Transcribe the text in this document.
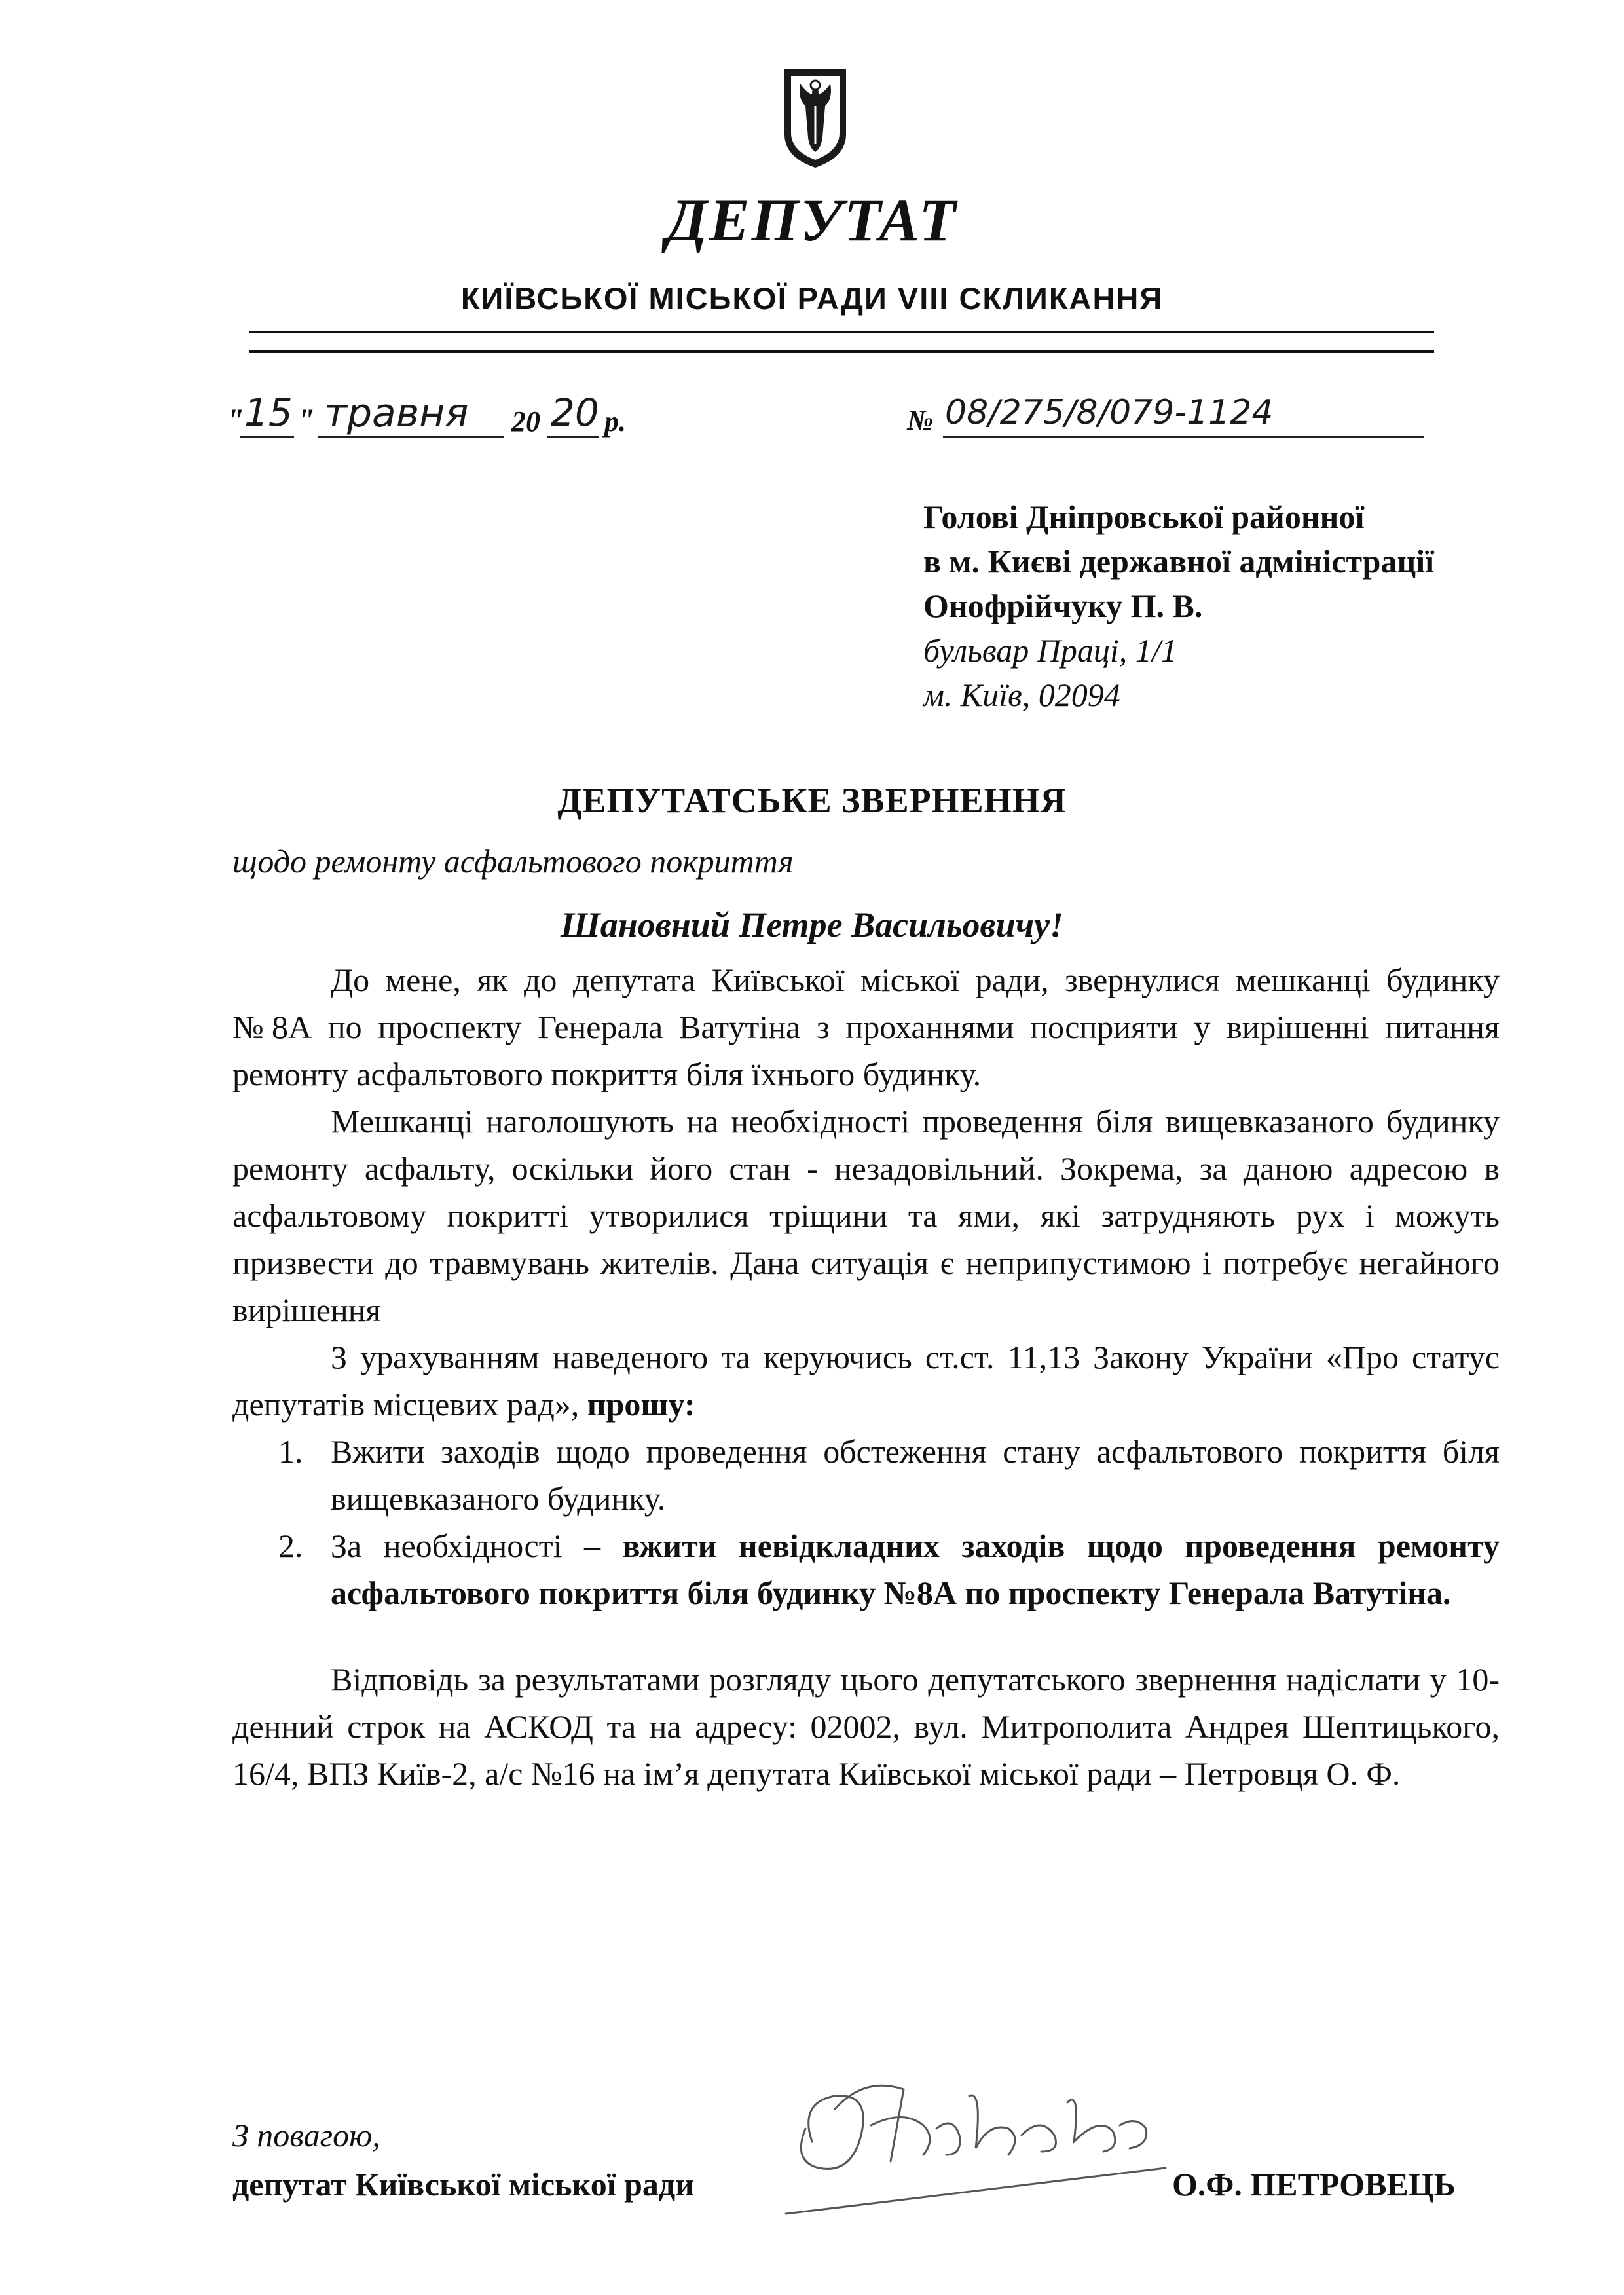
ДЕПУТАТ
КИЇВСЬКОЇ МІСЬКОЇ РАДИ VIII СКЛИКАННЯ
" 15 " травня 20 20 р.	№ 08/275/8/079-1124
Голові Дніпровської районної
в м. Києві державної адміністрації
Онофрійчуку П. В.
бульвар Праці, 1/1
м. Київ, 02094
ДЕПУТАТСЬКЕ ЗВЕРНЕННЯ
щодо ремонту асфальтового покриття
Шановний Петре Васильовичу!

До мене, як до депутата Київської міської ради, звернулися мешканці будинку №8А по проспекту Генерала Ватутіна з проханнями посприяти у вирішенні питання ремонту асфальтового покриття біля їхнього будинку.

Мешканці наголошують на необхідності проведення біля вищевказаного будинку ремонту асфальту, оскільки його стан - незадовільний. Зокрема, за даною адресою в асфальтовому покритті утворилися тріщини та ями, які затрудняють рух і можуть призвести до травмувань жителів. Дана ситуація є неприпустимою і потребує негайного вирішення

З урахуванням наведеного та керуючись ст.ст. 11,13 Закону України «Про статус депутатів місцевих рад», прошу:

1. Вжити заходів щодо проведення обстеження стану асфальтового покриття біля вищевказаного будинку.
2. За необхідності – вжити невідкладних заходів щодо проведення ремонту асфальтового покриття біля будинку №8А по проспекту Генерала Ватутіна.

Відповідь за результатами розгляду цього депутатського звернення надіслати у 10-денний строк на АСКОД та на адресу: 02002, вул. Митрополита Андрея Шептицького, 16/4, ВПЗ Київ-2, а/с №16 на ім’я депутата Київської міської ради – Петровця О. Ф.

З повагою,
депутат Київської міської ради	О.Ф. ПЕТРОВЕЦЬ
